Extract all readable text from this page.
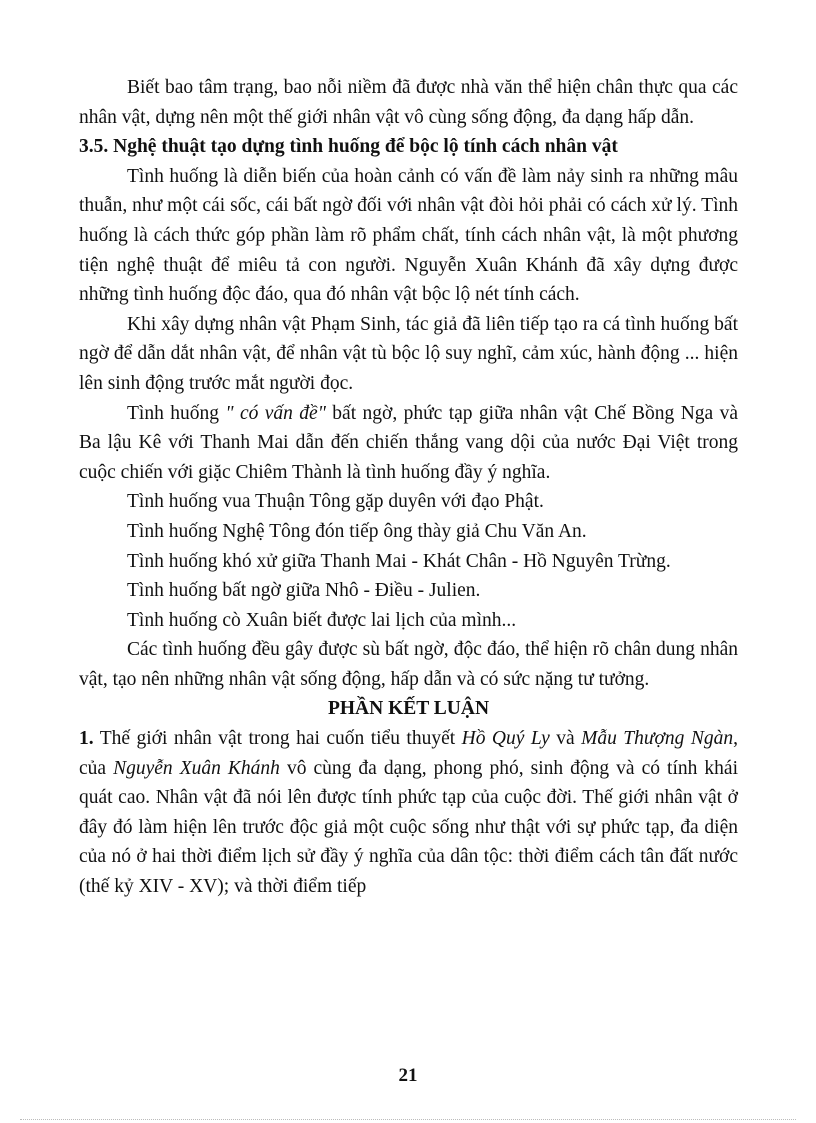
Biết bao tâm trạng, bao nỗi niềm đã được nhà văn thể hiện chân thực qua các nhân vật, dựng nên một thế giới nhân vật vô cùng sống động, đa dạng hấp dẫn.

3.5. Nghệ thuật tạo dựng tình huống để bộc lộ tính cách nhân vật

Tình huống là diễn biến của hoàn cảnh có vấn đề làm nảy sinh ra những mâu thuẫn, như một cái sốc, cái bất ngờ đối với nhân vật đòi hỏi phải có cách xử lý. Tình huống là cách thức góp phần làm rõ phẩm chất, tính cách nhân vật, là một phương tiện nghệ thuật để miêu tả con người. Nguyễn Xuân Khánh đã xây dựng được những tình huống độc đáo, qua đó nhân vật bộc lộ nét tính cách.

Khi xây dựng nhân vật Phạm Sinh, tác giả đã liên tiếp tạo ra cá tình huống bất ngờ để dẫn dắt nhân vật, để nhân vật tù bộc lộ suy nghĩ, cảm xúc, hành động ... hiện lên sinh động trước mắt người đọc.

Tình huống " có vấn đề" bất ngờ, phức tạp giữa nhân vật Chế Bồng Nga và Ba lậu Kê với Thanh Mai dẫn đến chiến thắng vang dội của nước Đại Việt trong cuộc chiến với giặc Chiêm Thành là tình huống đầy ý nghĩa.

Tình huống vua Thuận Tông gặp duyên với đạo Phật.

Tình huống Nghệ Tông đón tiếp ông thày giả Chu Văn An.

Tình huống khó xử giữa Thanh Mai - Khát Chân - Hồ Nguyên Trừng.

Tình huống bất ngờ giữa Nhô - Điều - Julien.

Tình huống cò Xuân biết được lai lịch của mình...

Các tình huống đều gây được sù bất ngờ, độc đáo, thể hiện rõ chân dung nhân vật, tạo nên những nhân vật sống động, hấp dẫn và có sức nặng tư tưởng.

PHẦN KẾT LUẬN

1. Thế giới nhân vật trong hai cuốn tiểu thuyết Hồ Quý Ly và Mẫu Thượng Ngàn, của Nguyễn Xuân Khánh vô cùng đa dạng, phong phó, sinh động và có tính khái quát cao. Nhân vật đã nói lên được tính phức tạp của cuộc đời. Thế giới nhân vật ở đây đó làm hiện lên trước độc giả một cuộc sống như thật với sự phức tạp, đa diện của nó ở hai thời điểm lịch sử đầy ý nghĩa của dân tộc: thời điểm cách tân đất nước (thế kỷ XIV - XV); và thời điểm tiếp

21
